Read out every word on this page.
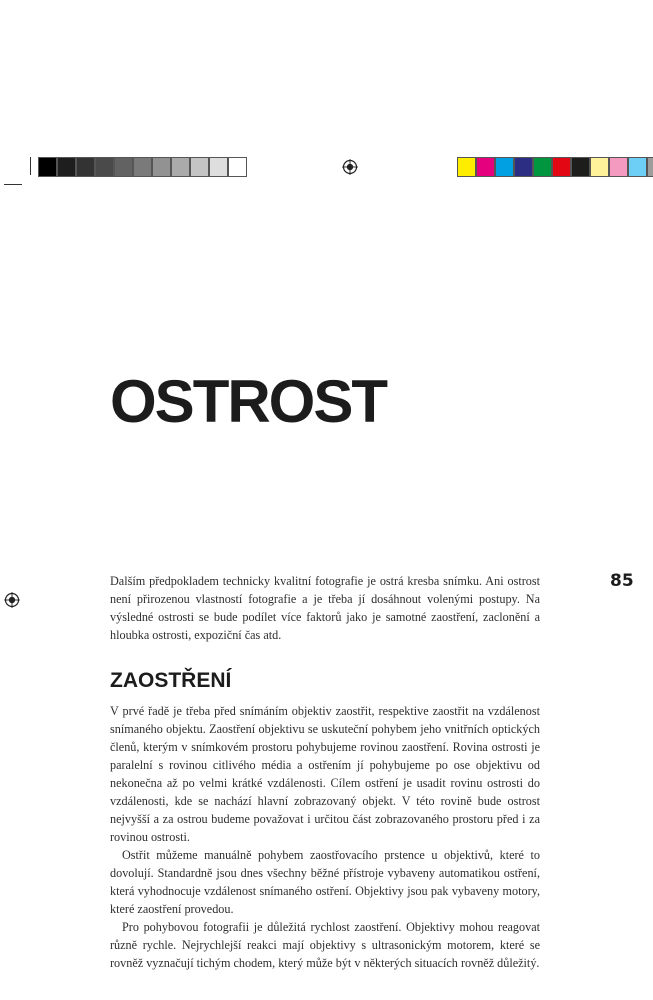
OSTROST
85

Dalším předpokladem technicky kvalitní fotografie je ostrá kresba snímku. Ani ostrost není přirozenou vlastností fotografie a je třeba jí dosáhnout volenými postupy. Na výsledné ostrosti se bude podílet více faktorů jako je samotné zaostření, zaclonění a hloubka ostrosti, expoziční čas atd.

ZAOSTŘENÍ

V prvé řadě je třeba před snímáním objektiv zaostřit, respektive zaostřit na vzdálenost snímaného objektu. Zaostření objektivu se uskuteční pohybem jeho vnitřních optických členů, kterým v snímkovém prostoru pohybujeme rovinou zaostření. Rovina ostrosti je paralelní s rovinou citlivého média a ostřením jí pohybujeme po ose objektivu od nekonečna až po velmi krátké vzdálenosti. Cílem ostření je usadit rovinu ostrosti do vzdálenosti, kde se nachází hlavní zobrazovaný objekt. V této rovině bude ostrost nejvyšší a za ostrou budeme považovat i určitou část zobrazovaného prostoru před i za rovinou ostrosti.

Ostřit můžeme manuálně pohybem zaostřovacího prstence u objektivů, které to dovolují. Standardně jsou dnes všechny běžné přístroje vybaveny automatikou ostření, která vyhodnocuje vzdálenost snímaného ostření. Objektivy jsou pak vybaveny motory, které zaostření provedou.

Pro pohybovou fotografii je důležitá rychlost zaostření. Objektivy mohou reagovat různě rychle. Nejrychlejší reakci mají objektivy s ultrasonickým motorem, které se rovněž vyznačují tichým chodem, který může být v některých situacích rovněž důležitý.
